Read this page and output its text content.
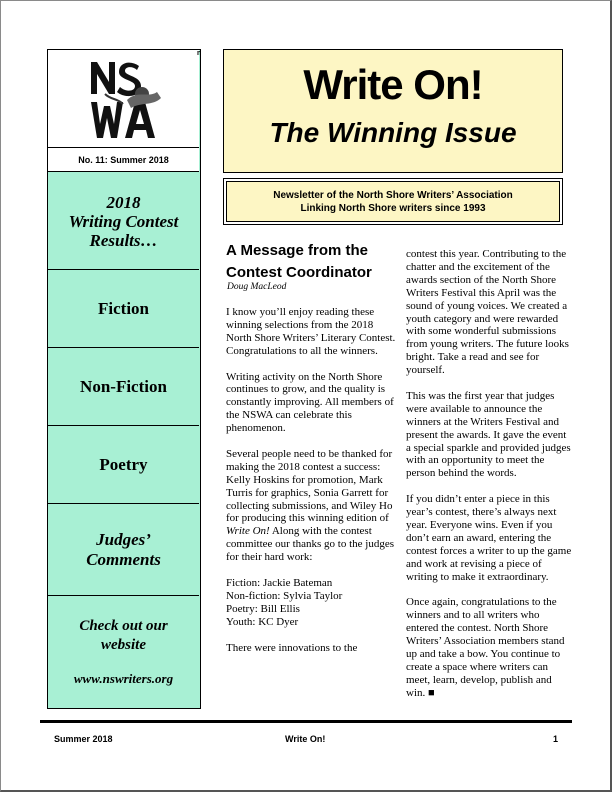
n
No. 11: Summer 2018
2018
Writing Contest
Results…
Fiction
Non-Fiction
Poetry
Judges’
Comments
Check out our
website
www.nswriters.org
Write On!
The Winning Issue
Newsletter of the North Shore Writers’ Association
Linking North Shore writers since 1993
A Message from the
Contest Coordinator
Doug MacLeod

I know you’ll enjoy reading these winning selections from the 2018 North Shore Writers’ Literary Contest. Congratulations to all the winners.

Writing activity on the North Shore continues to grow, and the quality is constantly improving. All members of the NSWA can celebrate this phenomenon.

Several people need to be thanked for making the 2018 contest a success: Kelly Hoskins for promotion, Mark Turris for graphics, Sonia Garrett for collecting submissions, and Wiley Ho for producing this winning edition of Write On! Along with the contest committee our thanks go to the judges for their hard work:

Fiction: Jackie Bateman
Non-fiction: Sylvia Taylor
Poetry: Bill Ellis
Youth: KC Dyer

There were innovations to the

contest this year. Contributing to the chatter and the excitement of the awards section of the North Shore Writers Festival this April was the sound of young voices. We created a youth category and were rewarded with some wonderful submissions from young writers. The future looks bright. Take a read and see for yourself.

This was the first year that judges were available to announce the winners at the Writers Festival and present the awards. It gave the event a special sparkle and provided judges with an opportunity to meet the person behind the words.

If you didn’t enter a piece in this year’s contest, there’s always next year. Everyone wins. Even if you don’t earn an award, entering the contest forces a writer to up the game and work at revising a piece of writing to make it extraordinary.

Once again, congratulations to the winners and to all writers who entered the contest. North Shore Writers’ Association members stand up and take a bow. You continue to create a space where writers can meet, learn, develop, publish and win. ■

Summer 2018	Write On!	1
